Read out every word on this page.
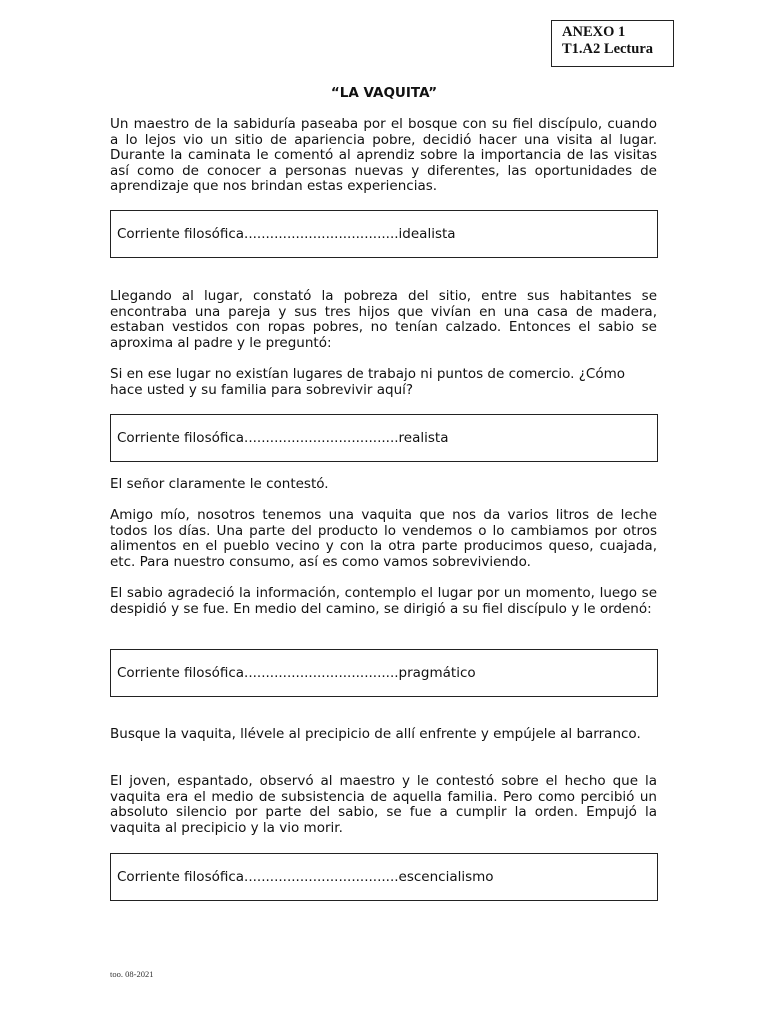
ANEXO 1
T1.A2 Lectura
“LA VAQUITA”

Un maestro de la sabiduría paseaba por el bosque con su fiel discípulo, cuando a lo lejos vio un sitio de apariencia pobre, decidió hacer una visita al lugar. Durante la caminata le comentó al aprendiz sobre la importancia de las visitas así como de conocer a personas nuevas y diferentes, las oportunidades de aprendizaje que nos brindan estas experiencias.

Corriente filosófica....................................idealista

Llegando al lugar, constató la pobreza del sitio, entre sus habitantes se encontraba una pareja y sus tres hijos que vivían en una casa de madera, estaban vestidos con ropas pobres, no tenían calzado. Entonces el sabio se aproxima al padre y le preguntó:

Si en ese lugar no existían lugares de trabajo ni puntos de comercio. ¿Cómo hace usted y su familia para sobrevivir aquí?

Corriente filosófica....................................realista

El señor claramente le contestó.

Amigo mío, nosotros tenemos una vaquita que nos da varios litros de leche todos los días. Una parte del producto lo vendemos o lo cambiamos por otros alimentos en el pueblo vecino y con la otra parte producimos queso, cuajada, etc. Para nuestro consumo, así es como vamos sobreviviendo.

El sabio agradeció la información, contemplo el lugar por un momento, luego se despidió y se fue. En medio del camino, se dirigió a su fiel discípulo y le ordenó:

Corriente filosófica....................................pragmático

Busque la vaquita, llévele al precipicio de allí enfrente y empújele al barranco.

El joven, espantado, observó al maestro y le contestó sobre el hecho que la vaquita era el medio de subsistencia de aquella familia. Pero como percibió un absoluto silencio por parte del sabio, se fue a cumplir la orden. Empujó la vaquita al precipicio y la vio morir.

Corriente filosófica....................................escencialismo
too. 08-2021
